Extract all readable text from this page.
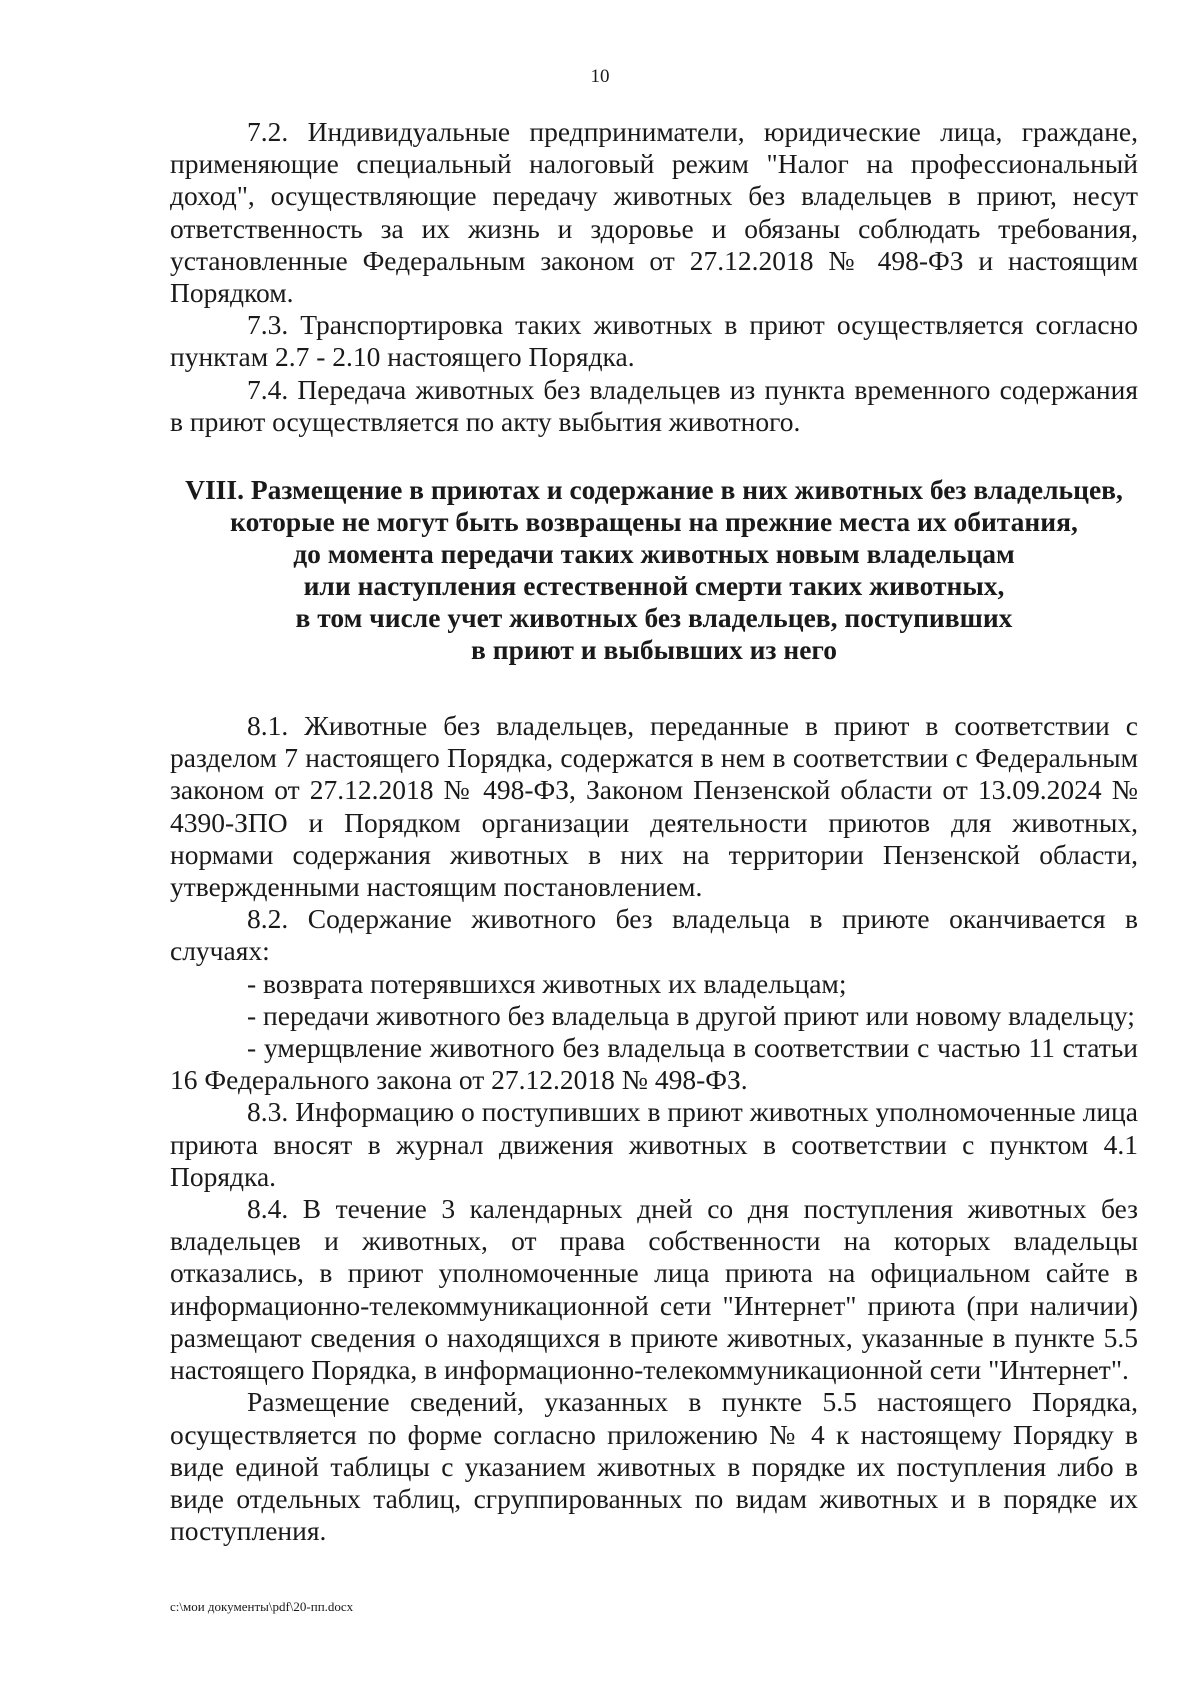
10

7.2. Индивидуальные предприниматели, юридические лица, граждане, применяющие специальный налоговый режим "Налог на профессиональный доход", осуществляющие передачу животных без владельцев в приют, несут ответственность за их жизнь и здоровье и обязаны соблюдать требования, установленные Федеральным законом от 27.12.2018 № 498-ФЗ и настоящим Порядком.

7.3. Транспортировка таких животных в приют осуществляется согласно пунктам 2.7 - 2.10 настоящего Порядка.

7.4. Передача животных без владельцев из пункта временного содержания в приют осуществляется по акту выбытия животного.

VIII. Размещение в приютах и содержание в них животных без владельцев,
которые не могут быть возвращены на прежние места их обитания,
до момента передачи таких животных новым владельцам
или наступления естественной смерти таких животных,
в том числе учет животных без владельцев, поступивших
в приют и выбывших из него

8.1. Животные без владельцев, переданные в приют в соответствии с разделом 7 настоящего Порядка, содержатся в нем в соответствии с Федеральным законом от 27.12.2018 № 498-ФЗ, Законом Пензенской области от 13.09.2024 № 4390-ЗПО и Порядком организации деятельности приютов для животных, нормами содержания животных в них на территории Пензенской области, утвержденными настоящим постановлением.

8.2. Содержание животного без владельца в приюте оканчивается в случаях:

- возврата потерявшихся животных их владельцам;

- передачи животного без владельца в другой приют или новому владельцу;

- умерщвление животного без владельца в соответствии с частью 11 статьи 16 Федерального закона от 27.12.2018 № 498-ФЗ.

8.3. Информацию о поступивших в приют животных уполномоченные лица приюта вносят в журнал движения животных в соответствии с пунктом 4.1 Порядка.

8.4. В течение 3 календарных дней со дня поступления животных без владельцев и животных, от права собственности на которых владельцы отказались, в приют уполномоченные лица приюта на официальном сайте в информационно-телекоммуникационной сети "Интернет" приюта (при наличии) размещают сведения о находящихся в приюте животных, указанные в пункте 5.5 настоящего Порядка, в информационно-телекоммуникационной сети "Интернет".

Размещение сведений, указанных в пункте 5.5 настоящего Порядка, осуществляется по форме согласно приложению № 4 к настоящему Порядку в виде единой таблицы с указанием животных в порядке их поступления либо в виде отдельных таблиц, сгруппированных по видам животных и в порядке их поступления.

c:\мои документы\pdf\20-пп.docx
